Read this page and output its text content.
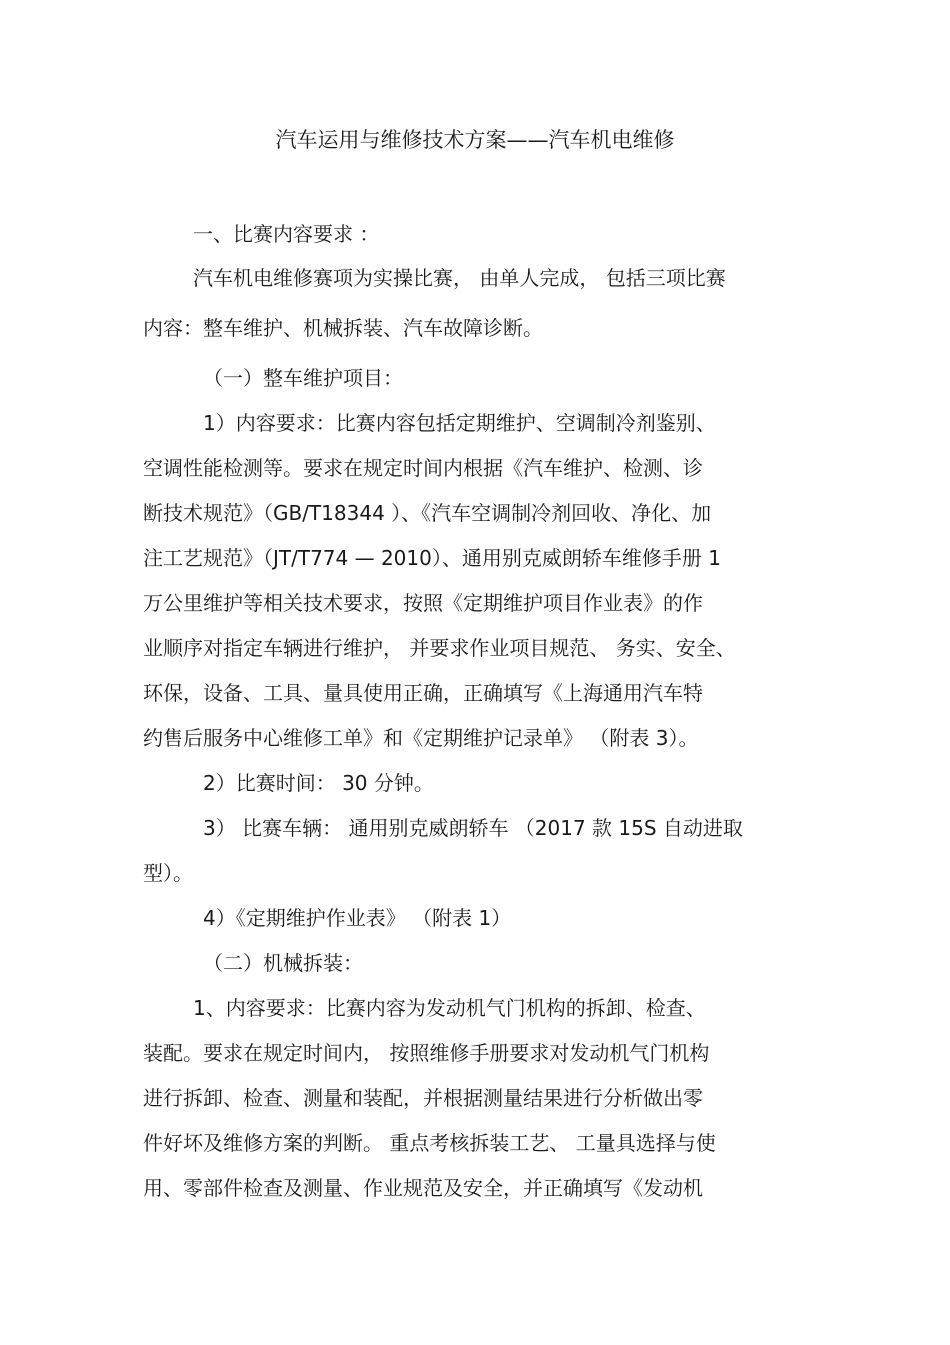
汽车运用与维修技术方案——汽车机电维修
一、比赛内容要求 ：
汽车机电维修赛项为实操比赛， 由单人完成， 包括三项比赛
内容：整车维护、机械拆装、汽车故障诊断。
（一）整车维护项目：
1）内容要求：比赛内容包括定期维护、空调制冷剂鉴别、
空调性能检测等。要求在规定时间内根据《汽车维护、检测、诊
断技术规范》（GB/T18344 ）、《汽车空调制冷剂回收、净化、加
注工艺规范》（JT/T774 — 2010）、通用别克威朗轿车维修手册 1
万公里维护等相关技术要求，按照《定期维护项目作业表》的作
业顺序对指定车辆进行维护， 并要求作业项目规范、 务实、安全、
环保，设备、工具、量具使用正确，正确填写《上海通用汽车特
约售后服务中心维修工单》和《定期维护记录单》 （附表 3）。
2）比赛时间： 30 分钟。
3） 比赛车辆： 通用别克威朗轿车 （2017 款 15S 自动进取
型）。
4）《定期维护作业表》 （附表 1）
（二）机械拆装：
1、内容要求：比赛内容为发动机气门机构的拆卸、检查、
装配。要求在规定时间内， 按照维修手册要求对发动机气门机构
进行拆卸、检查、测量和装配，并根据测量结果进行分析做出零
件好坏及维修方案的判断。 重点考核拆装工艺、 工量具选择与使
用、零部件检查及测量、作业规范及安全，并正确填写《发动机
